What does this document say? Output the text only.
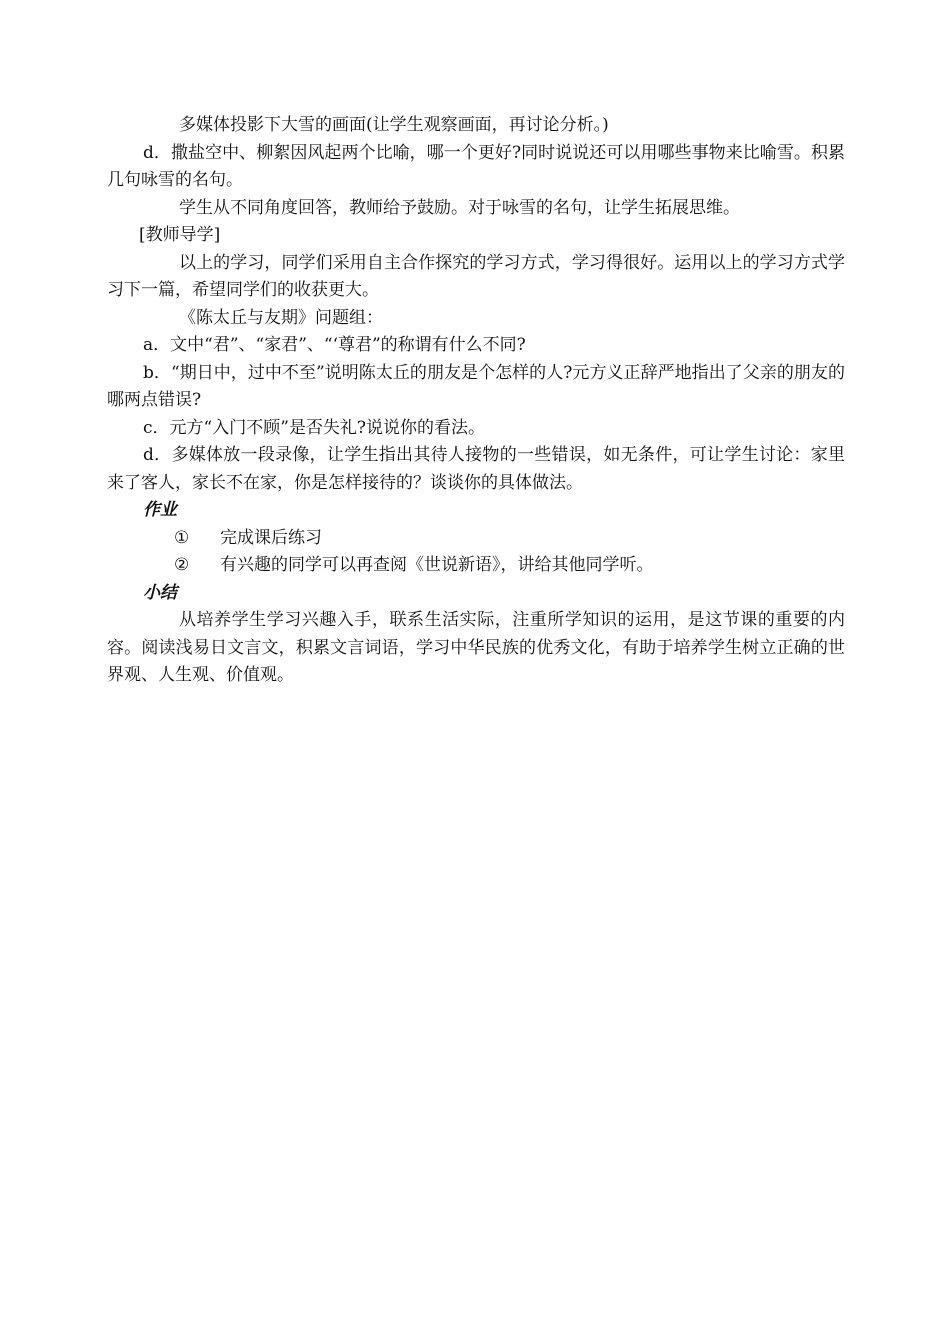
多媒体投影下大雪的画面(让学生观察画面，再讨论分析。)

d．撒盐空中、柳絮因风起两个比喻，哪一个更好?同时说说还可以用哪些事物来比喻雪。积累几句咏雪的名句。

学生从不同角度回答，教师给予鼓励。对于咏雪的名句，让学生拓展思维。

[教师导学]

以上的学习，同学们采用自主合作探究的学习方式，学习得很好。运用以上的学习方式学习下一篇，希望同学们的收获更大。

《陈太丘与友期》问题组：

a．文中“君”、“家君”、“‘尊君”的称谓有什么不同?

b．“期日中，过中不至”说明陈太丘的朋友是个怎样的人?元方义正辞严地指出了父亲的朋友的哪两点错误?

c．元方“入门不顾”是否失礼?说说你的看法。

d．多媒体放一段录像，让学生指出其待人接物的一些错误，如无条件，可让学生讨论：家里来了客人，家长不在家，你是怎样接待的？谈谈你的具体做法。

作业

①	完成课后练习
②	有兴趣的同学可以再查阅《世说新语》，讲给其他同学听。

小结

从培养学生学习兴趣入手，联系生活实际，注重所学知识的运用，是这节课的重要的内容。阅读浅易日文言文，积累文言词语，学习中华民族的优秀文化，有助于培养学生树立正确的世界观、人生观、价值观。
